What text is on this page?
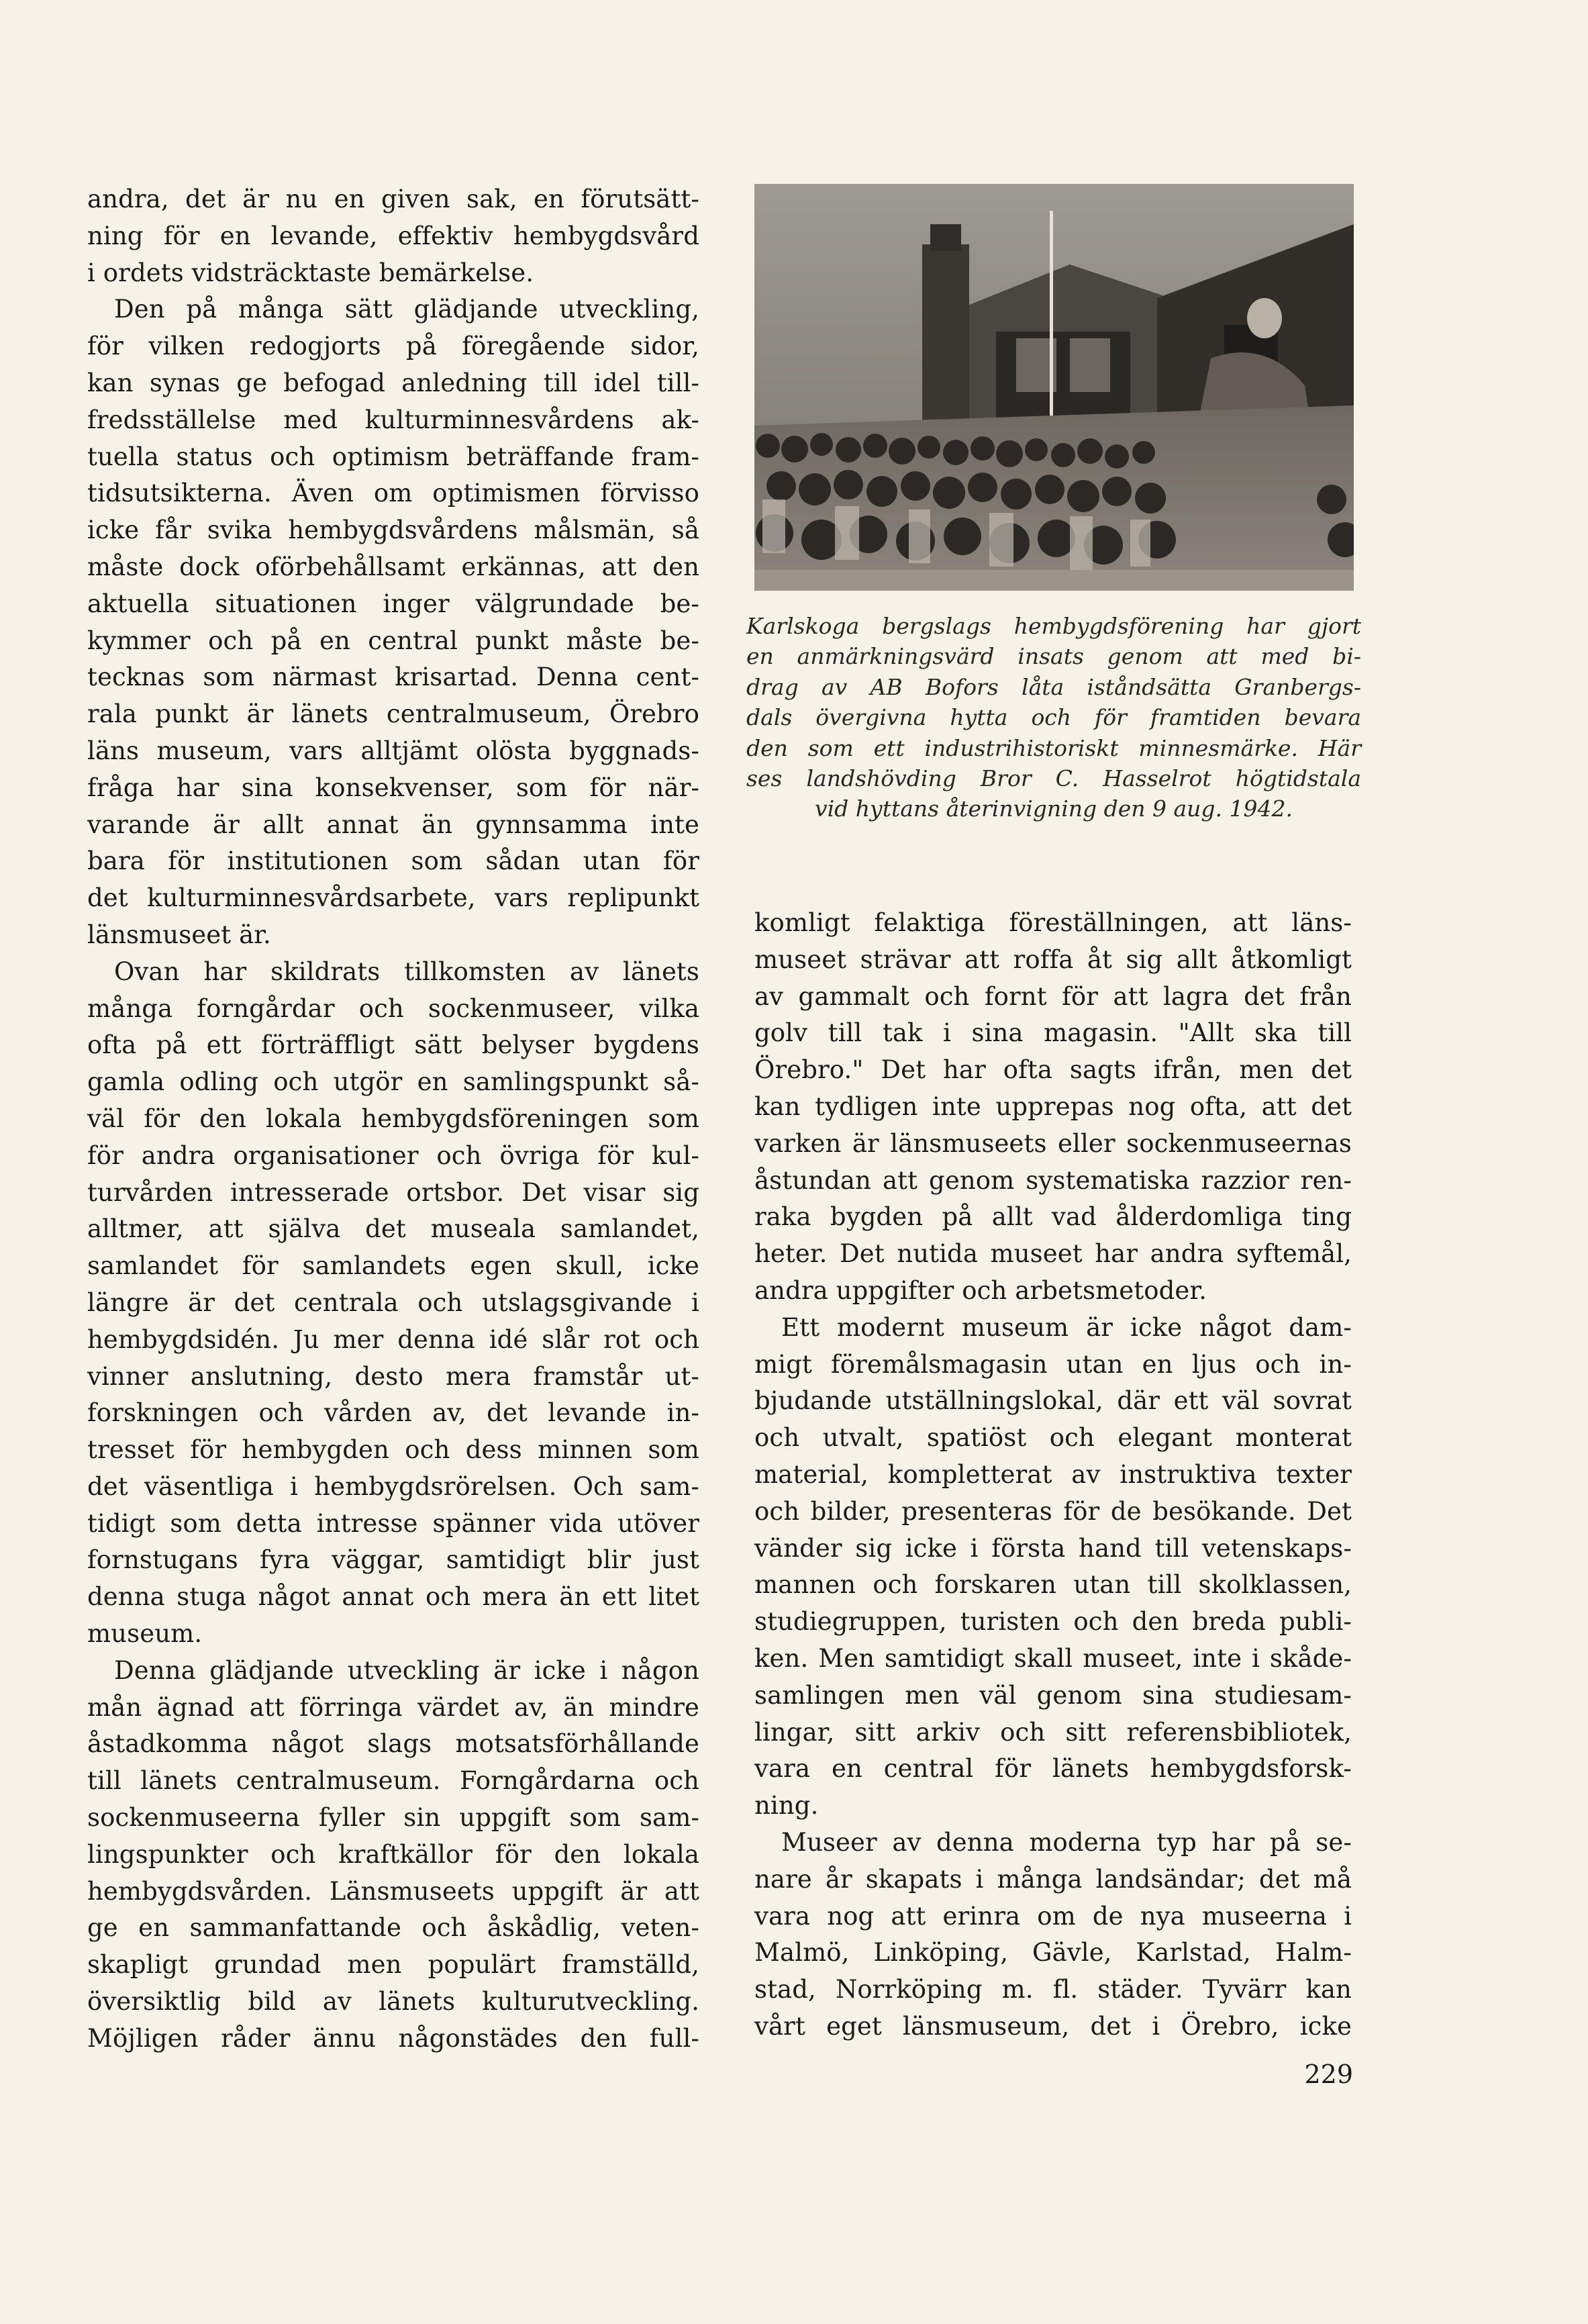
andra, det är nu en given sak, en förutsätt-
ning för en levande, effektiv hembygdsvård
i ordets vidsträcktaste bemärkelse.
Den på många sätt glädjande utveckling,
för vilken redogjorts på föregående sidor,
kan synas ge befogad anledning till idel till-
fredsställelse med kulturminnesvårdens ak-
tuella status och optimism beträffande fram-
tidsutsikterna. Även om optimismen förvisso
icke får svika hembygdsvårdens målsmän, så
måste dock oförbehållsamt erkännas, att den
aktuella situationen inger välgrundade be-
kymmer och på en central punkt måste be-
tecknas som närmast krisartad. Denna cent-
rala punkt är länets centralmuseum, Örebro
läns museum, vars alltjämt olösta byggnads-
fråga har sina konsekvenser, som för när-
varande är allt annat än gynnsamma inte
bara för institutionen som sådan utan för
det kulturminnesvårdsarbete, vars replipunkt
länsmuseet är.
Ovan har skildrats tillkomsten av länets
många forngårdar och sockenmuseer, vilka
ofta på ett förträffligt sätt belyser bygdens
gamla odling och utgör en samlingspunkt så-
väl för den lokala hembygdsföreningen som
för andra organisationer och övriga för kul-
turvården intresserade ortsbor. Det visar sig
alltmer, att själva det museala samlandet,
samlandet för samlandets egen skull, icke
längre är det centrala och utslagsgivande i
hembygdsidén. Ju mer denna idé slår rot och
vinner anslutning, desto mera framstår ut-
forskningen och vården av, det levande in-
tresset för hembygden och dess minnen som
det väsentliga i hembygdsrörelsen. Och sam-
tidigt som detta intresse spänner vida utöver
fornstugans fyra väggar, samtidigt blir just
denna stuga något annat och mera än ett litet
museum.
Denna glädjande utveckling är icke i någon
mån ägnad att förringa värdet av, än mindre
åstadkomma något slags motsatsförhållande
till länets centralmuseum. Forngårdarna och
sockenmuseerna fyller sin uppgift som sam-
lingspunkter och kraftkällor för den lokala
hembygdsvården. Länsmuseets uppgift är att
ge en sammanfattande och åskådlig, veten-
skapligt grundad men populärt framställd,
översiktlig bild av länets kulturutveckling.
Möjligen råder ännu någonstädes den full-
Karlskoga bergslags hembygdsförening har gjort
en anmärkningsvärd insats genom att med bi-
drag av AB Bofors låta iståndsätta Granbergs-
dals övergivna hytta och för framtiden bevara
den som ett industrihistoriskt minnesmärke. Här
ses landshövding Bror C. Hasselrot högtidstala
vid hyttans återinvigning den 9 aug. 1942.
komligt felaktiga föreställningen, att läns-
museet strävar att roffa åt sig allt åtkomligt
av gammalt och fornt för att lagra det från
golv till tak i sina magasin. "Allt ska till
Örebro." Det har ofta sagts ifrån, men det
kan tydligen inte upprepas nog ofta, att det
varken är länsmuseets eller sockenmuseernas
åstundan att genom systematiska razzior ren-
raka bygden på allt vad ålderdomliga ting
heter. Det nutida museet har andra syftemål,
andra uppgifter och arbetsmetoder.
Ett modernt museum är icke något dam-
migt föremålsmagasin utan en ljus och in-
bjudande utställningslokal, där ett väl sovrat
och utvalt, spatiöst och elegant monterat
material, kompletterat av instruktiva texter
och bilder, presenteras för de besökande. Det
vänder sig icke i första hand till vetenskaps-
mannen och forskaren utan till skolklassen,
studiegruppen, turisten och den breda publi-
ken. Men samtidigt skall museet, inte i skåde-
samlingen men väl genom sina studiesam-
lingar, sitt arkiv och sitt referensbibliotek,
vara en central för länets hembygdsforsk-
ning.
Museer av denna moderna typ har på se-
nare år skapats i många landsändar; det må
vara nog att erinra om de nya museerna i
Malmö, Linköping, Gävle, Karlstad, Halm-
stad, Norrköping m. fl. städer. Tyvärr kan
vårt eget länsmuseum, det i Örebro, icke
229
